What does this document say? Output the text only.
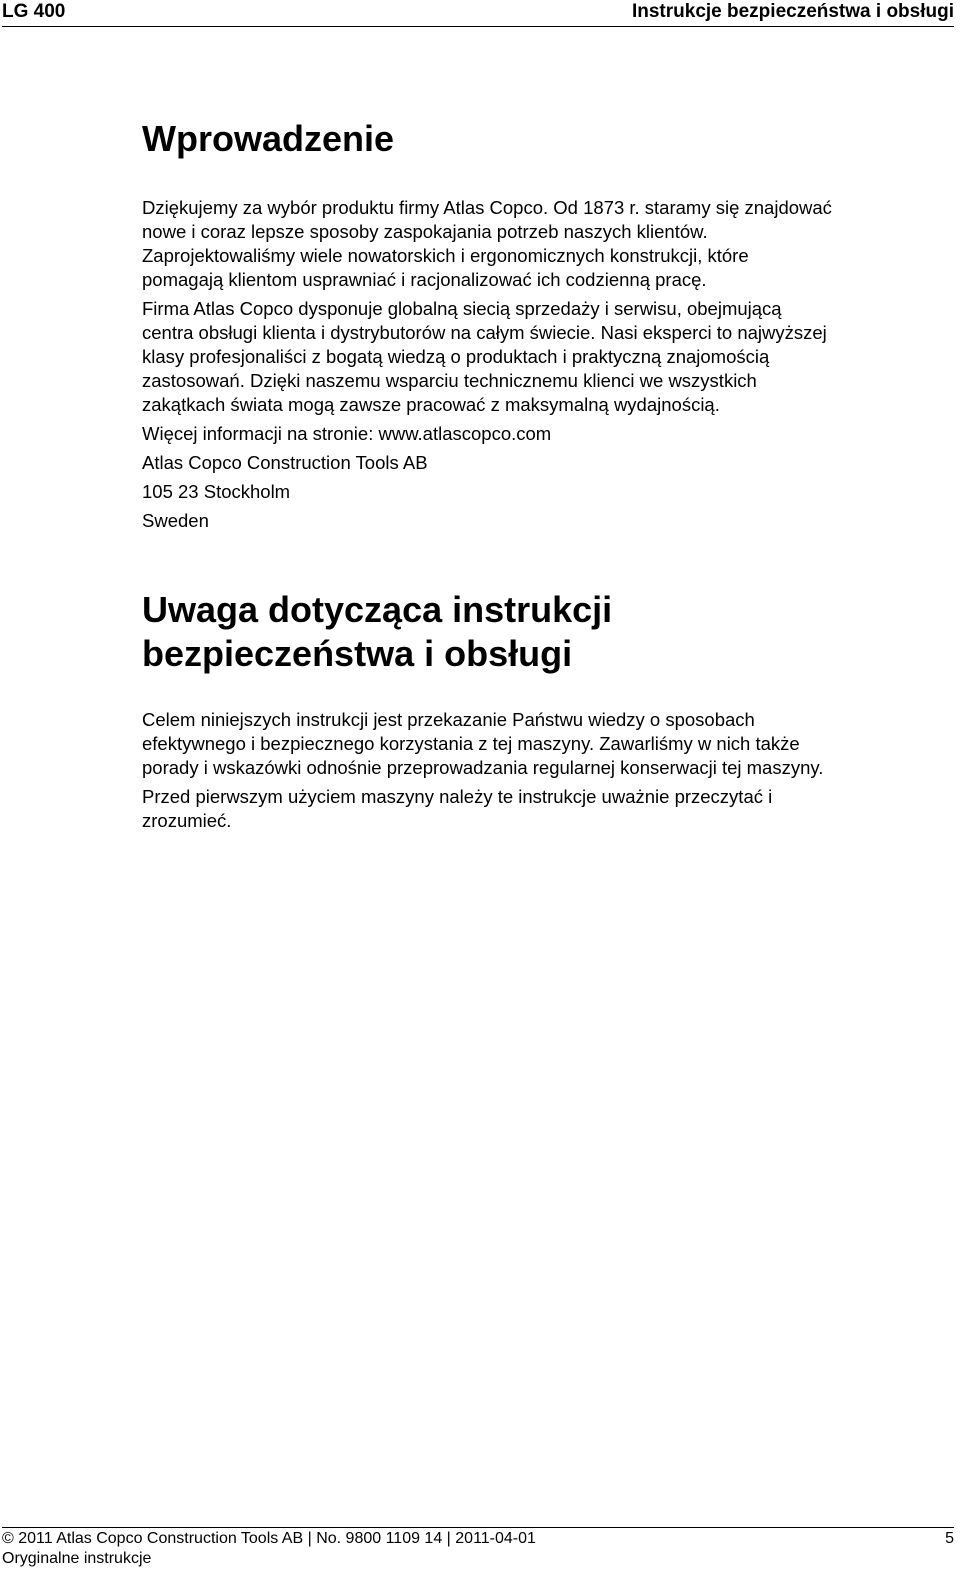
LG 400	Instrukcje bezpieczeństwa i obsługi
Wprowadzenie

Dziękujemy za wybór produktu firmy Atlas Copco. Od 1873 r. staramy się znajdować nowe i coraz lepsze sposoby zaspokajania potrzeb naszych klientów. Zaprojektowaliśmy wiele nowatorskich i ergonomicznych konstrukcji, które pomagają klientom usprawniać i racjonalizować ich codzienną pracę.

Firma Atlas Copco dysponuje globalną siecią sprzedaży i serwisu, obejmującą centra obsługi klienta i dystrybutorów na całym świecie. Nasi eksperci to najwyższej klasy profesjonaliści z bogatą wiedzą o produktach i praktyczną znajomością zastosowań. Dzięki naszemu wsparciu technicznemu klienci we wszystkich zakątkach świata mogą zawsze pracować z maksymalną wydajnością.

Więcej informacji na stronie: www.atlascopco.com

Atlas Copco Construction Tools AB

105 23 Stockholm

Sweden

Uwaga dotycząca instrukcji
bezpieczeństwa i obsługi

Celem niniejszych instrukcji jest przekazanie Państwu wiedzy o sposobach efektywnego i bezpiecznego korzystania z tej maszyny. Zawarliśmy w nich także porady i wskazówki odnośnie przeprowadzania regularnej konserwacji tej maszyny.

Przed pierwszym użyciem maszyny należy te instrukcje uważnie przeczytać i zrozumieć.

© 2011 Atlas Copco Construction Tools AB | No. 9800 1109 14 | 2011-04-01
Oryginalne instrukcje
5
